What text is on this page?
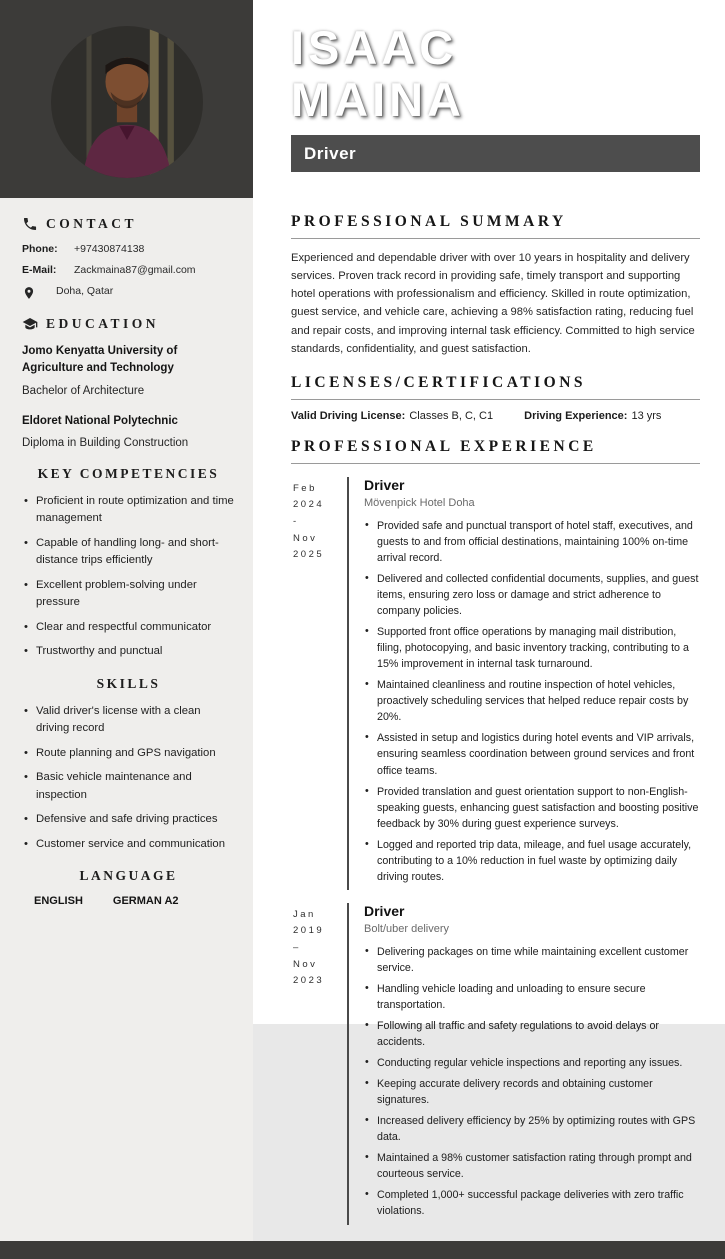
ISAAC
MAINA
Driver
CONTACT
Phone:	+97430874138
E-Mail:	Zackmaina87@gmail.com
Doha, Qatar
EDUCATION
Jomo Kenyatta University of Agriculture and Technology
Bachelor of Architecture
Eldoret National Polytechnic
Diploma in Building Construction
KEY COMPETENCIES
• Proficient in route optimization and time management
• Capable of handling long- and short-distance trips efficiently
• Excellent problem-solving under pressure
• Clear and respectful communicator
• Trustworthy and punctual
SKILLS
• Valid driver's license with a clean driving record
• Route planning and GPS navigation
• Basic vehicle maintenance and inspection
• Defensive and safe driving practices
• Customer service and communication
LANGUAGE
ENGLISH	GERMAN A2
PROFESSIONAL SUMMARY

Experienced and dependable driver with over 10 years in hospitality and delivery services. Proven track record in providing safe, timely transport and supporting hotel operations with professionalism and efficiency. Skilled in route optimization, guest service, and vehicle care, achieving a 98% satisfaction rating, reducing fuel and repair costs, and improving internal task efficiency. Committed to high service standards, confidentiality, and guest satisfaction.

LICENSES/CERTIFICATIONS
Valid Driving License: Classes B, C, C1	Driving Experience: 13 yrs
PROFESSIONAL EXPERIENCE
Feb
2024
-
Nov
2025
Driver
Mövenpick Hotel Doha
• Provided safe and punctual transport of hotel staff, executives, and guests to and from official destinations, maintaining 100% on-time arrival record.
• Delivered and collected confidential documents, supplies, and guest items, ensuring zero loss or damage and strict adherence to company policies.
• Supported front office operations by managing mail distribution, filing, photocopying, and basic inventory tracking, contributing to a 15% improvement in internal task turnaround.
• Maintained cleanliness and routine inspection of hotel vehicles, proactively scheduling services that helped reduce repair costs by 20%.
• Assisted in setup and logistics during hotel events and VIP arrivals, ensuring seamless coordination between ground services and front office teams.
• Provided translation and guest orientation support to non-English-speaking guests, enhancing guest satisfaction and boosting positive feedback by 30% during guest experience surveys.
• Logged and reported trip data, mileage, and fuel usage accurately, contributing to a 10% reduction in fuel waste by optimizing daily driving routes.
Jan
2019
–
Nov
2023
Driver
Bolt/uber delivery
• Delivering packages on time while maintaining excellent customer service.
• Handling vehicle loading and unloading to ensure secure transportation.
• Following all traffic and safety regulations to avoid delays or accidents.
• Conducting regular vehicle inspections and reporting any issues.
• Keeping accurate delivery records and obtaining customer signatures.
• Increased delivery efficiency by 25% by optimizing routes with GPS data.
• Maintained a 98% customer satisfaction rating through prompt and courteous service.
• Completed 1,000+ successful package deliveries with zero traffic violations.
